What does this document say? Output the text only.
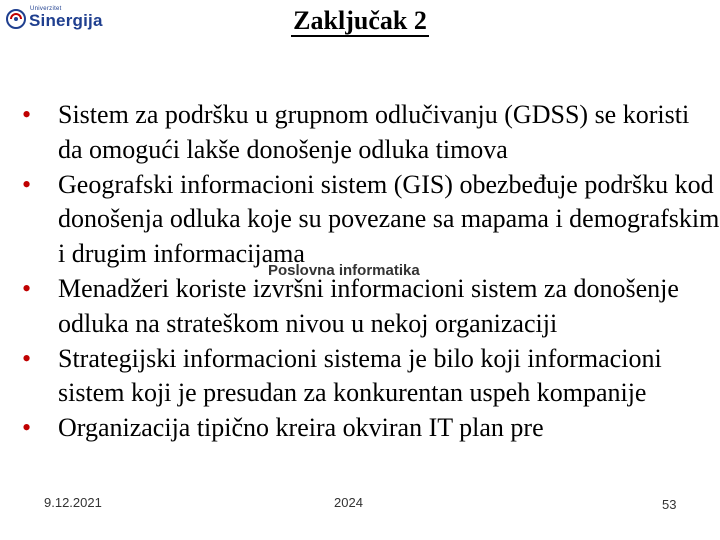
Univerzitet
Sinergija	Zaključak 2
• Sistem za podršku u grupnom odlučivanju (GDSS) se koristi da omogući lakše donošenje odluka timova
• Geografski informacioni sistem (GIS) obezbeđuje podršku kod donošenja odluka koje su povezane sa mapama i demografskim i drugim informacijama
• Menadžeri koriste izvršni informacioni sistem za donošenje odluka na strateškom nivou u nekoj organizaciji
• Strategijski informacioni sistema je bilo koji informacioni sistem koji je presudan za konkurentan uspeh kompanije
• Organizacija tipično kreira okviran IT plan pre
Poslovna informatika
9.12.2021	2024	53
